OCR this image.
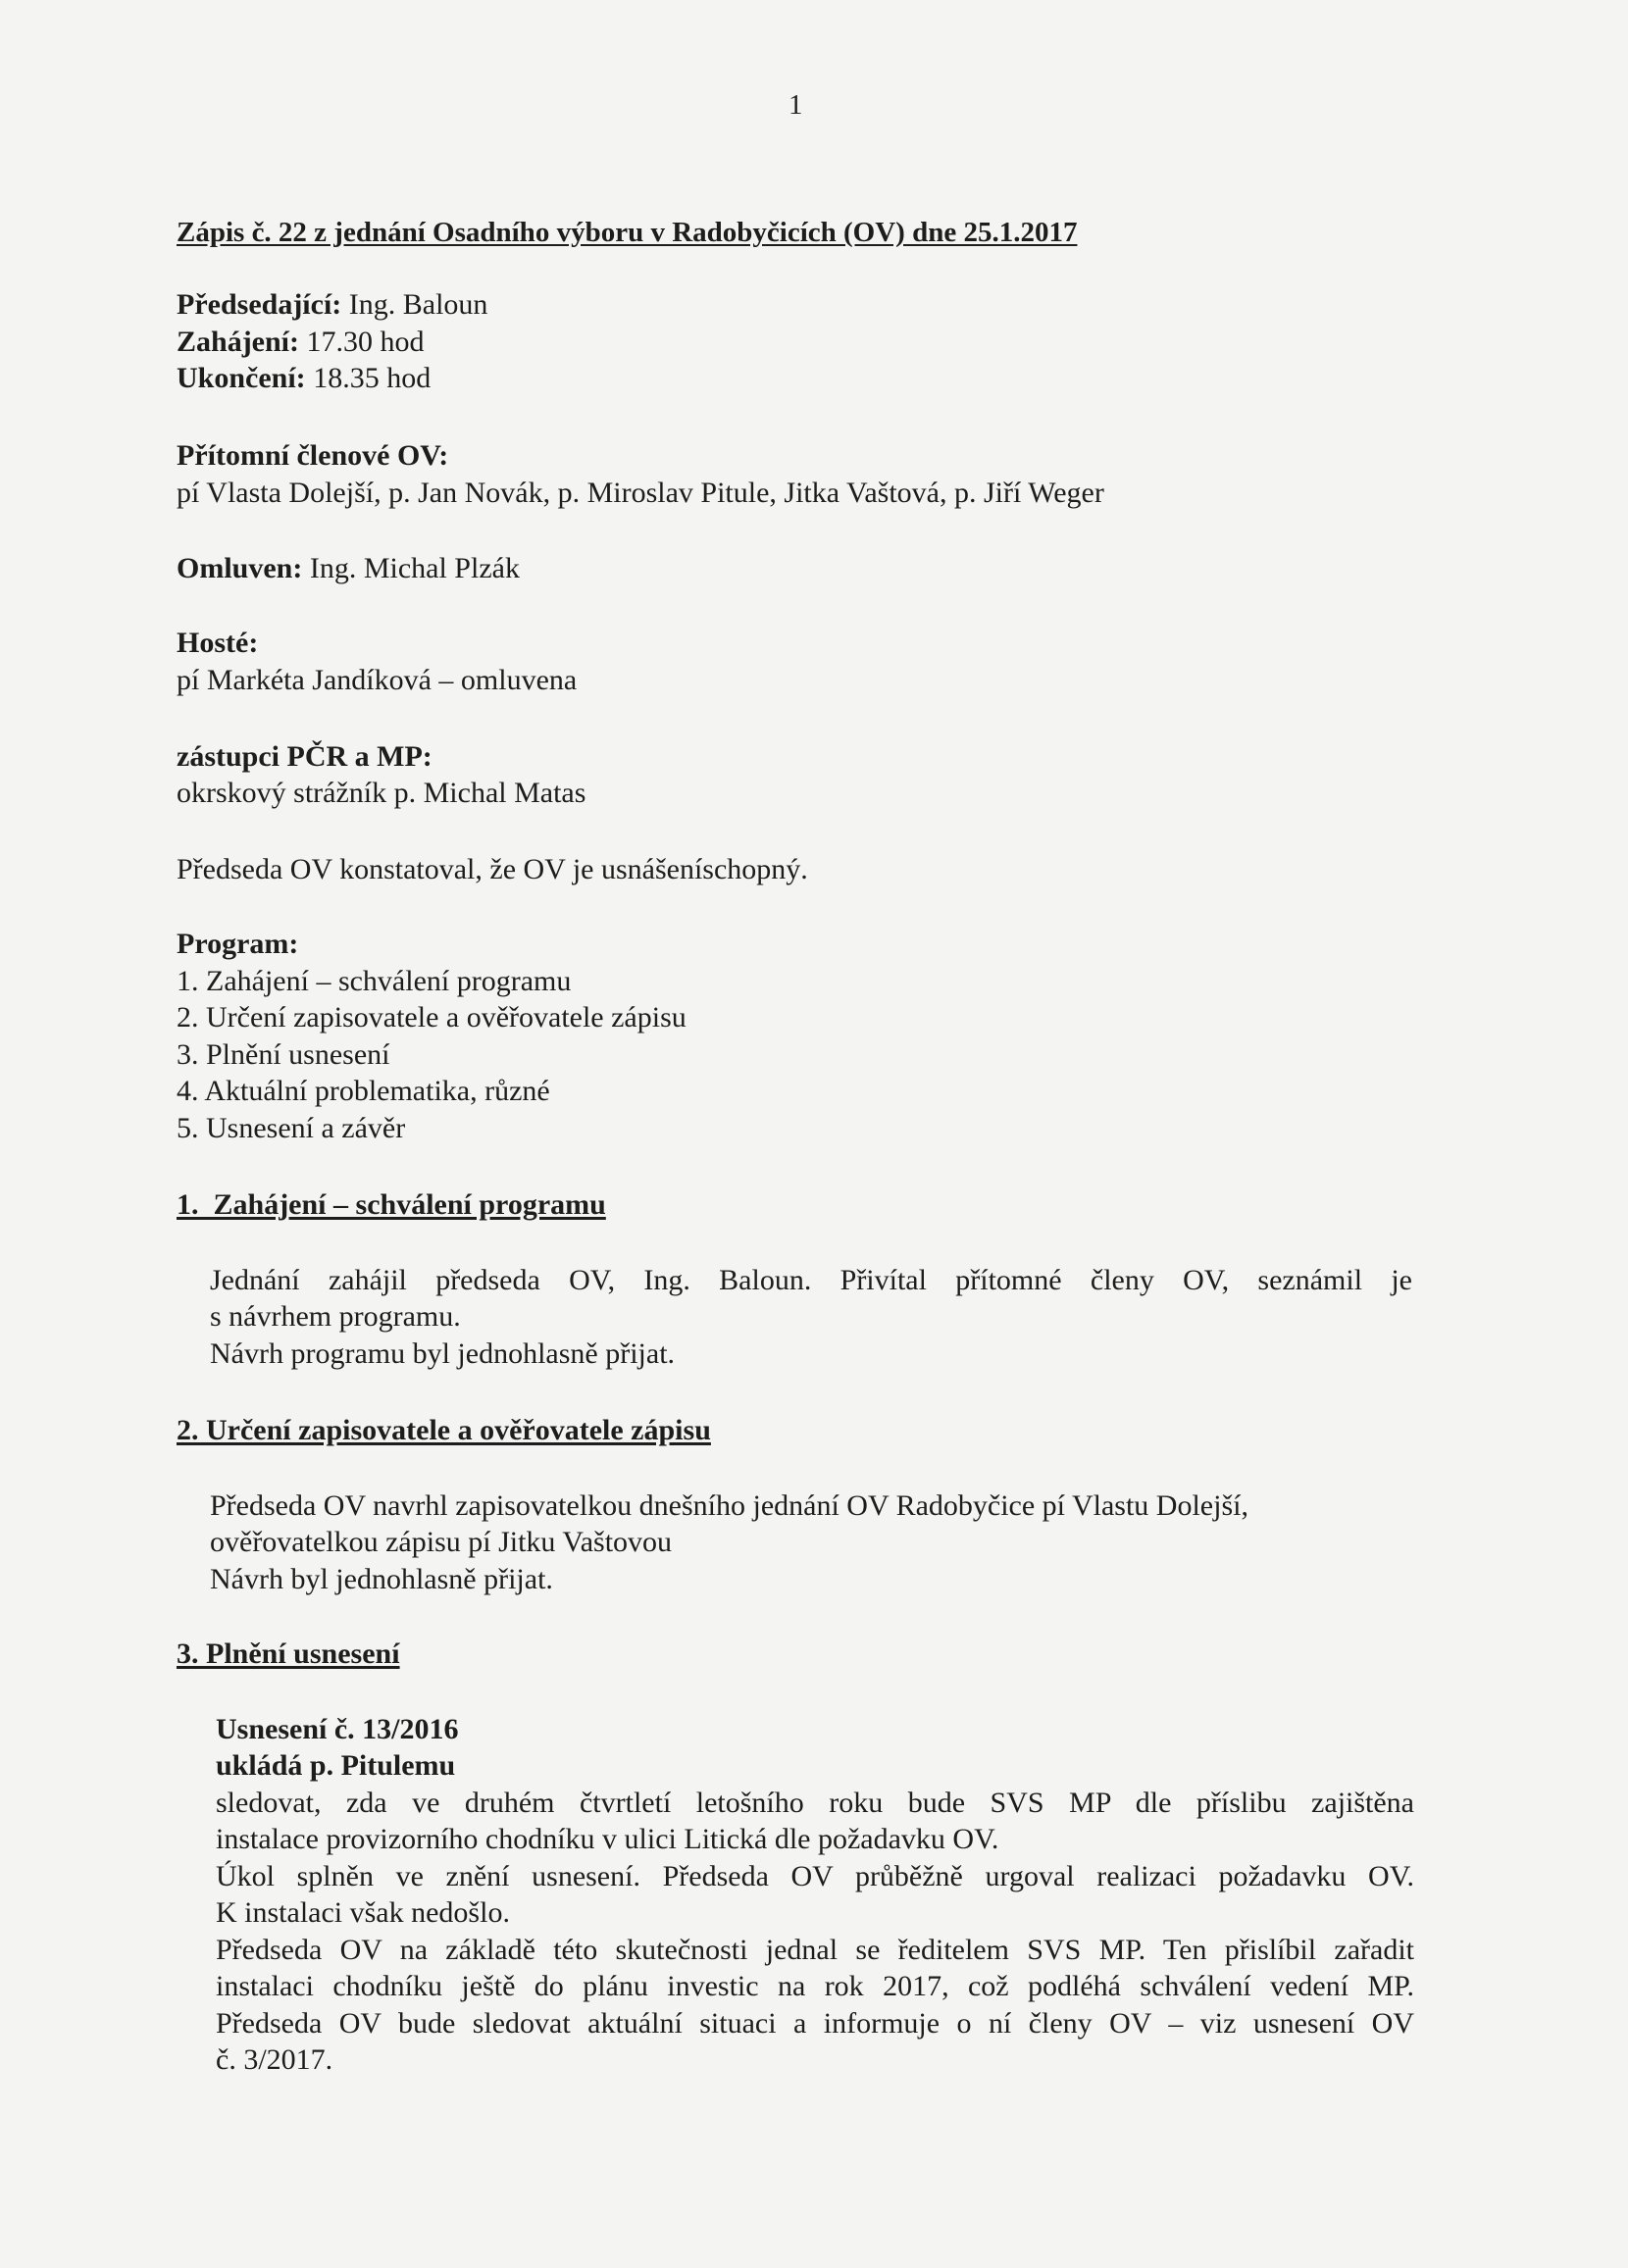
1

Zápis č. 22 z jednání Osadního výboru v Radobyčicích (OV) dne 25.1.2017

Předsedající: Ing. Baloun

Zahájení: 17.30 hod

Ukončení: 18.35 hod

Přítomní členové OV:

pí Vlasta Dolejší, p. Jan Novák, p. Miroslav Pitule, Jitka Vaštová, p. Jiří Weger

Omluven: Ing. Michal Plzák

Hosté:

pí Markéta Jandíková – omluvena

zástupci PČR a MP:

okrskový strážník p. Michal Matas

Předseda OV konstatoval, že OV je usnášeníschopný.

Program:

1. Zahájení – schválení programu

2. Určení zapisovatele a ověřovatele zápisu

3. Plnění usnesení

4. Aktuální problematika, různé

5. Usnesení a závěr

1.  Zahájení – schválení programu

Jednání zahájil předseda OV, Ing. Baloun. Přivítal přítomné členy OV, seznámil je

s návrhem programu.

Návrh programu byl jednohlasně přijat.

2. Určení zapisovatele a ověřovatele zápisu

Předseda OV navrhl zapisovatelkou dnešního jednání OV Radobyčice pí Vlastu Dolejší,

ověřovatelkou zápisu pí Jitku Vaštovou

Návrh byl jednohlasně přijat.

3. Plnění usnesení

Usnesení č. 13/2016

ukládá p. Pitulemu

sledovat, zda ve druhém čtvrtletí letošního roku bude SVS MP dle příslibu zajištěna

instalace provizorního chodníku v ulici Litická dle požadavku OV.

Úkol splněn ve znění usnesení. Předseda OV průběžně urgoval realizaci požadavku OV.

K instalaci však nedošlo.

Předseda OV na základě této skutečnosti jednal se ředitelem SVS MP. Ten přislíbil zařadit

instalaci chodníku ještě do plánu investic na rok 2017, což podléhá schválení vedení MP.

Předseda OV bude sledovat aktuální situaci a informuje o ní členy OV – viz usnesení OV

č. 3/2017.
